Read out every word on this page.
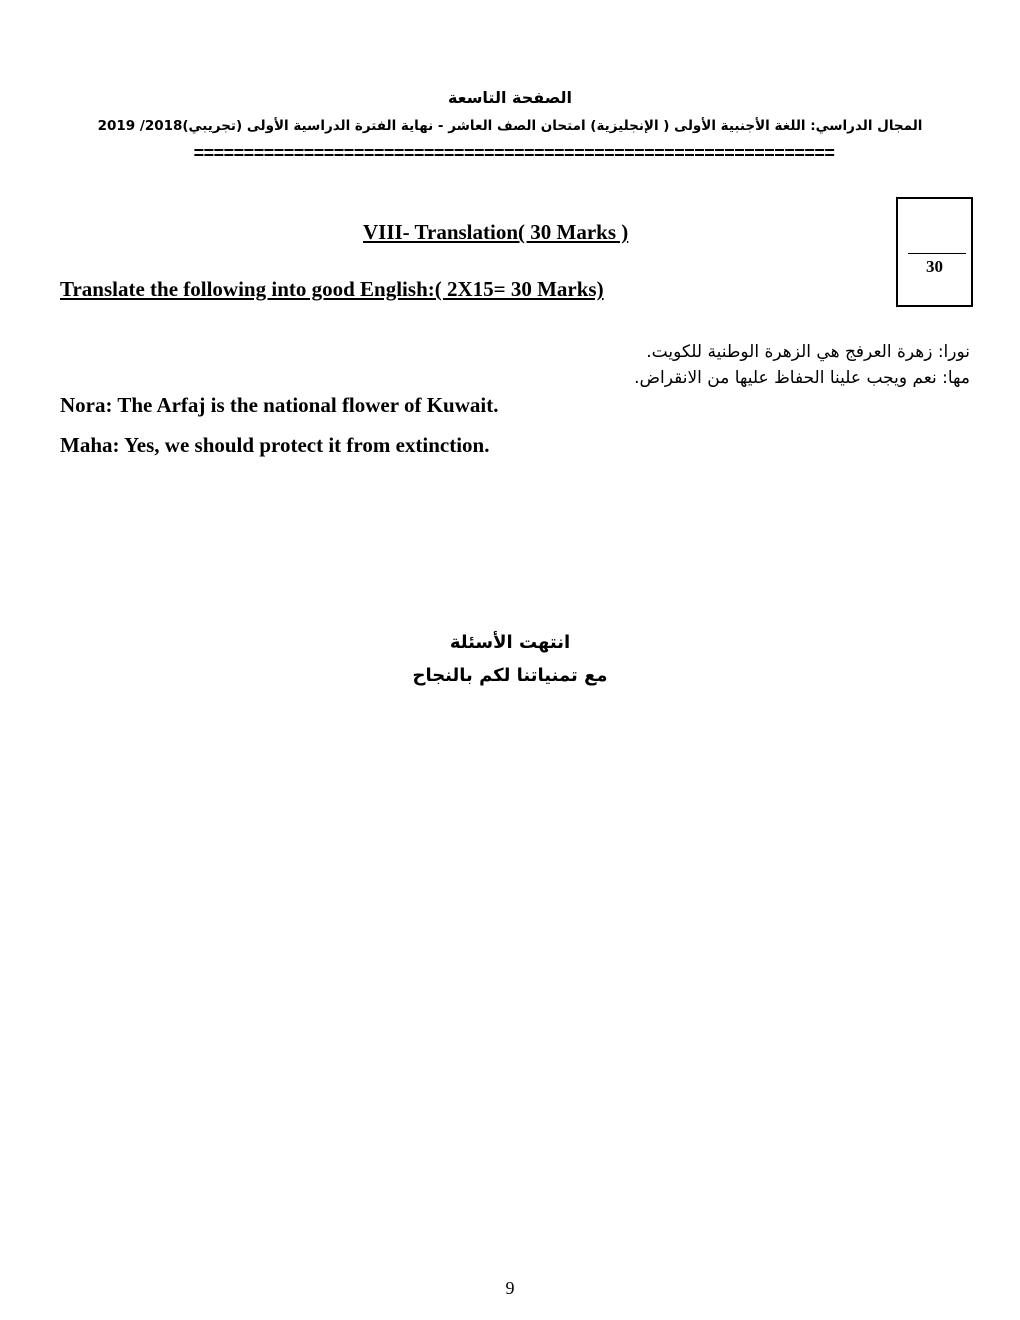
الصفحة التاسعة
المجال الدراسي: اللغة الأجنبية الأولى ( الإنجليزية) امتحان الصف العاشر - نهاية الفترة الدراسية الأولى (تجريبي)2018/ 2019
================================================================
VIII- Translation( 30 Marks )
Translate the following into good English:( 2X15= 30 Marks)
30
نورا: زهرة العرفج هي الزهرة الوطنية للكويت.
مها: نعم ويجب علينا الحفاظ عليها من الانقراض.
Nora: The Arfaj is the national flower of Kuwait.
Maha: Yes, we should protect it from extinction.
انتهت الأسئلة
مع تمنياتنا لكم بالنجاح
9
